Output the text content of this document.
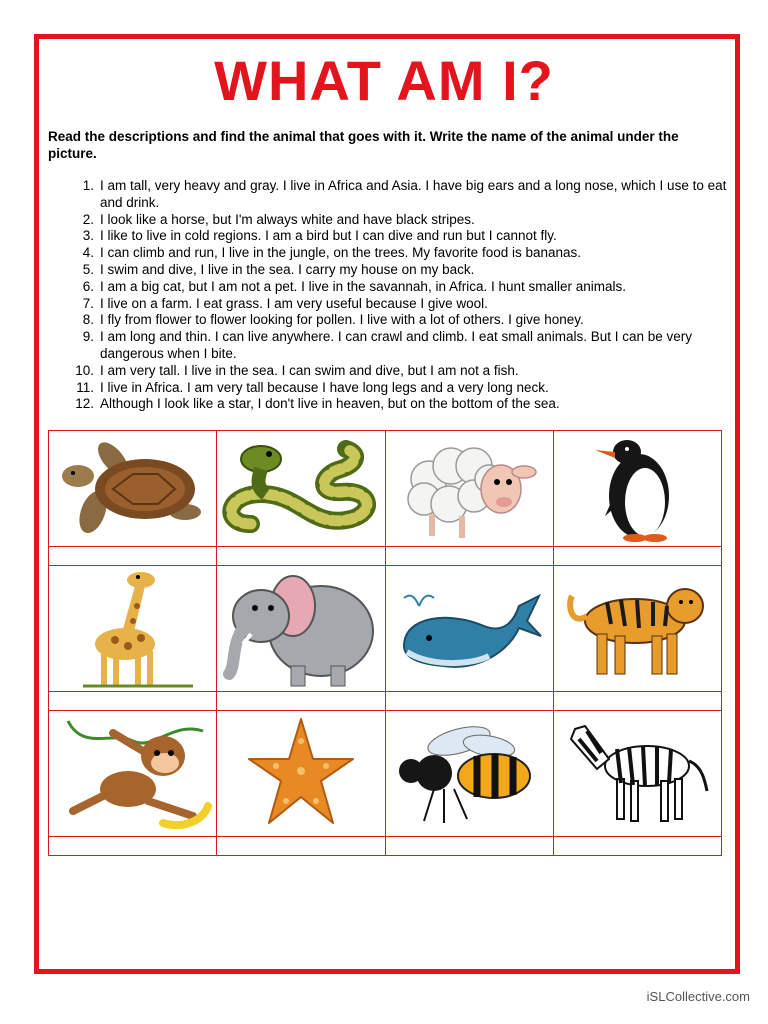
WHAT AM I?
Read the descriptions and find the animal that goes with it. Write the name of the animal under the picture.
1. I am tall, very heavy and gray. I live in Africa and Asia. I have big ears and a long nose, which I use to eat and drink.
2. I look like a horse, but I'm always white and have black stripes.
3. I like to live in cold regions. I am a bird but I can dive and run but I cannot fly.
4. I can climb and run, I live in the jungle, on the trees. My favorite food is bananas.
5. I swim and dive, I live in the sea. I carry my house on my back.
6. I am a big cat, but I am not a pet. I live in the savannah, in Africa. I hunt smaller animals.
7. I live on a farm. I eat grass. I am very useful because I give wool.
8. I fly from flower to flower looking for pollen. I live with a lot of others. I give honey.
9. I am long and thin. I can live anywhere. I can crawl and climb. I eat small animals. But I can be very dangerous when I bite.
10. I am very tall. I live in the sea. I can swim and dive, but I am not a fish.
11. I live in Africa. I am very tall because I have long legs and a very long neck.
12. Although I look like a star, I don't live in heaven, but on the bottom of the sea.

iSLCollective.com
